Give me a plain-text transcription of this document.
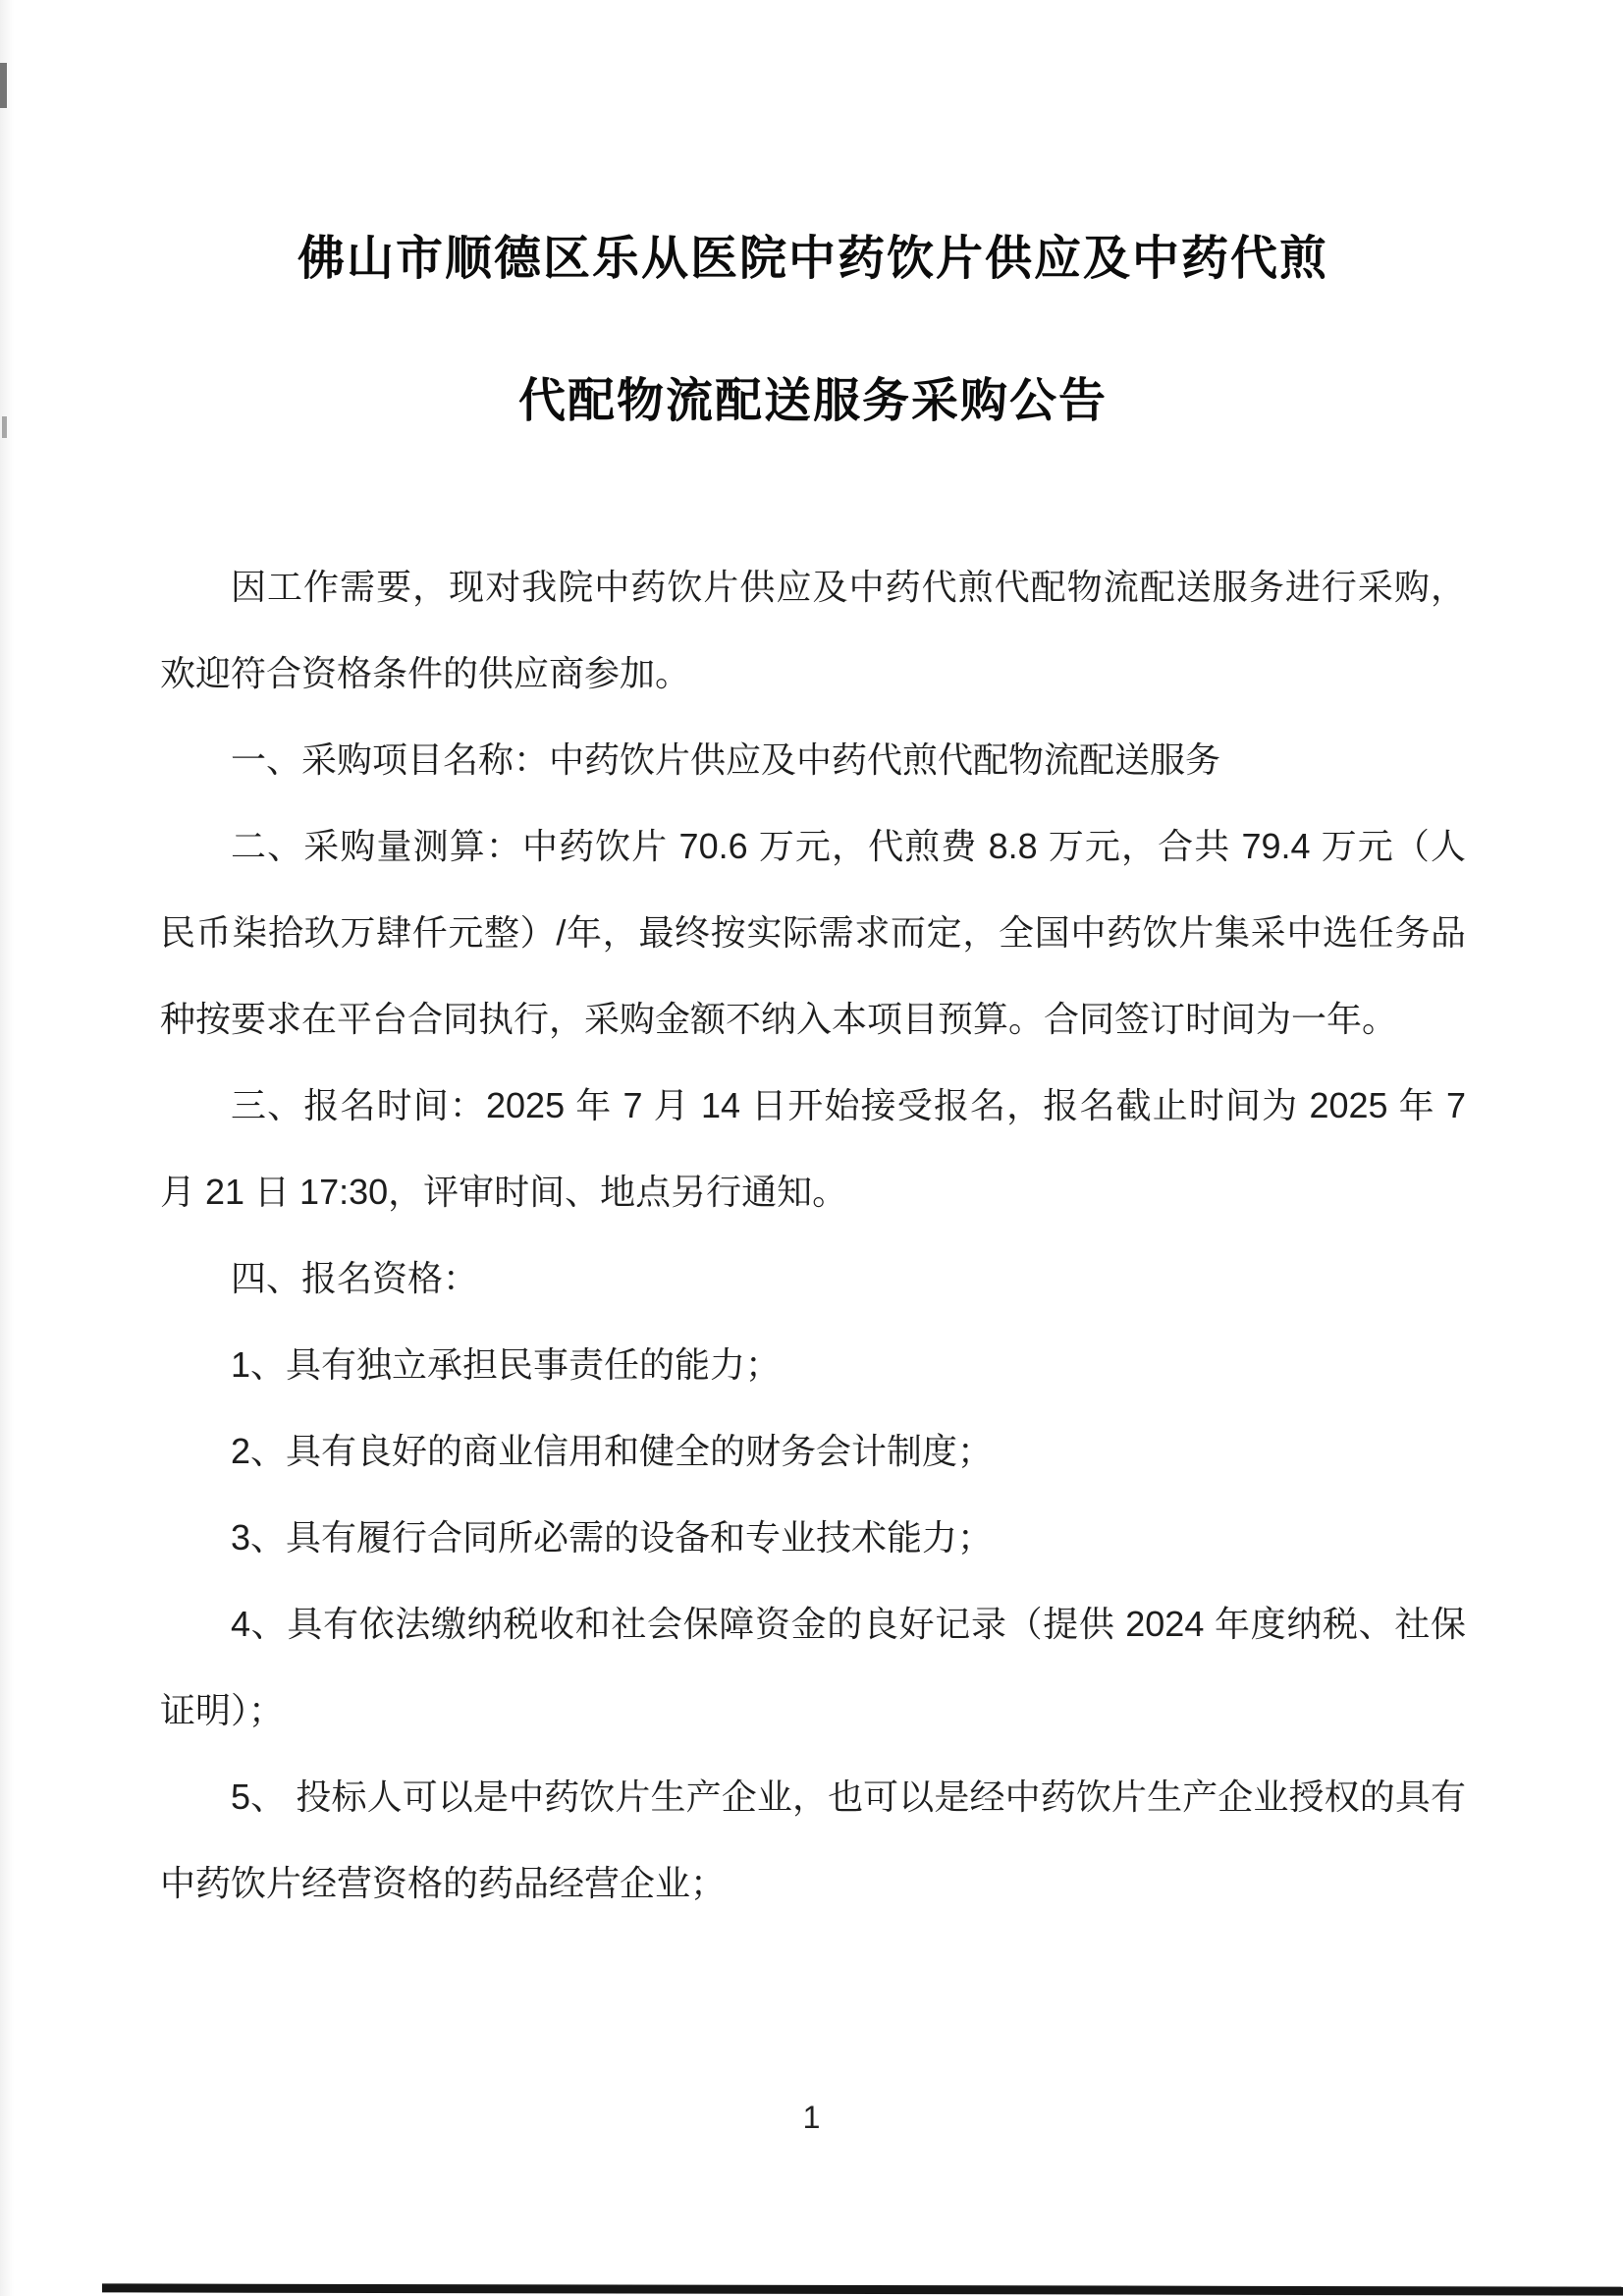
佛山市顺德区乐从医院中药饮片供应及中药代煎
代配物流配送服务采购公告

因工作需要，现对我院中药饮片供应及中药代煎代配物流配送服务进行采购，欢迎符合资格条件的供应商参加。

一、采购项目名称：中药饮片供应及中药代煎代配物流配送服务

二、采购量测算：中药饮片 70.6 万元，代煎费 8.8 万元，合共 79.4 万元（人民币柒拾玖万肆仟元整）/年，最终按实际需求而定，全国中药饮片集采中选任务品种按要求在平台合同执行，采购金额不纳入本项目预算。合同签订时间为一年。

三、报名时间：2025 年 7 月 14 日开始接受报名，报名截止时间为 2025 年 7 月 21 日 17:30，评审时间、地点另行通知。

四、报名资格：

1、具有独立承担民事责任的能力；

2、具有良好的商业信用和健全的财务会计制度；

3、具有履行合同所必需的设备和专业技术能力；

4、具有依法缴纳税收和社会保障资金的良好记录（提供 2024 年度纳税、社保证明）；

5、 投标人可以是中药饮片生产企业，也可以是经中药饮片生产企业授权的具有中药饮片经营资格的药品经营企业；

1
